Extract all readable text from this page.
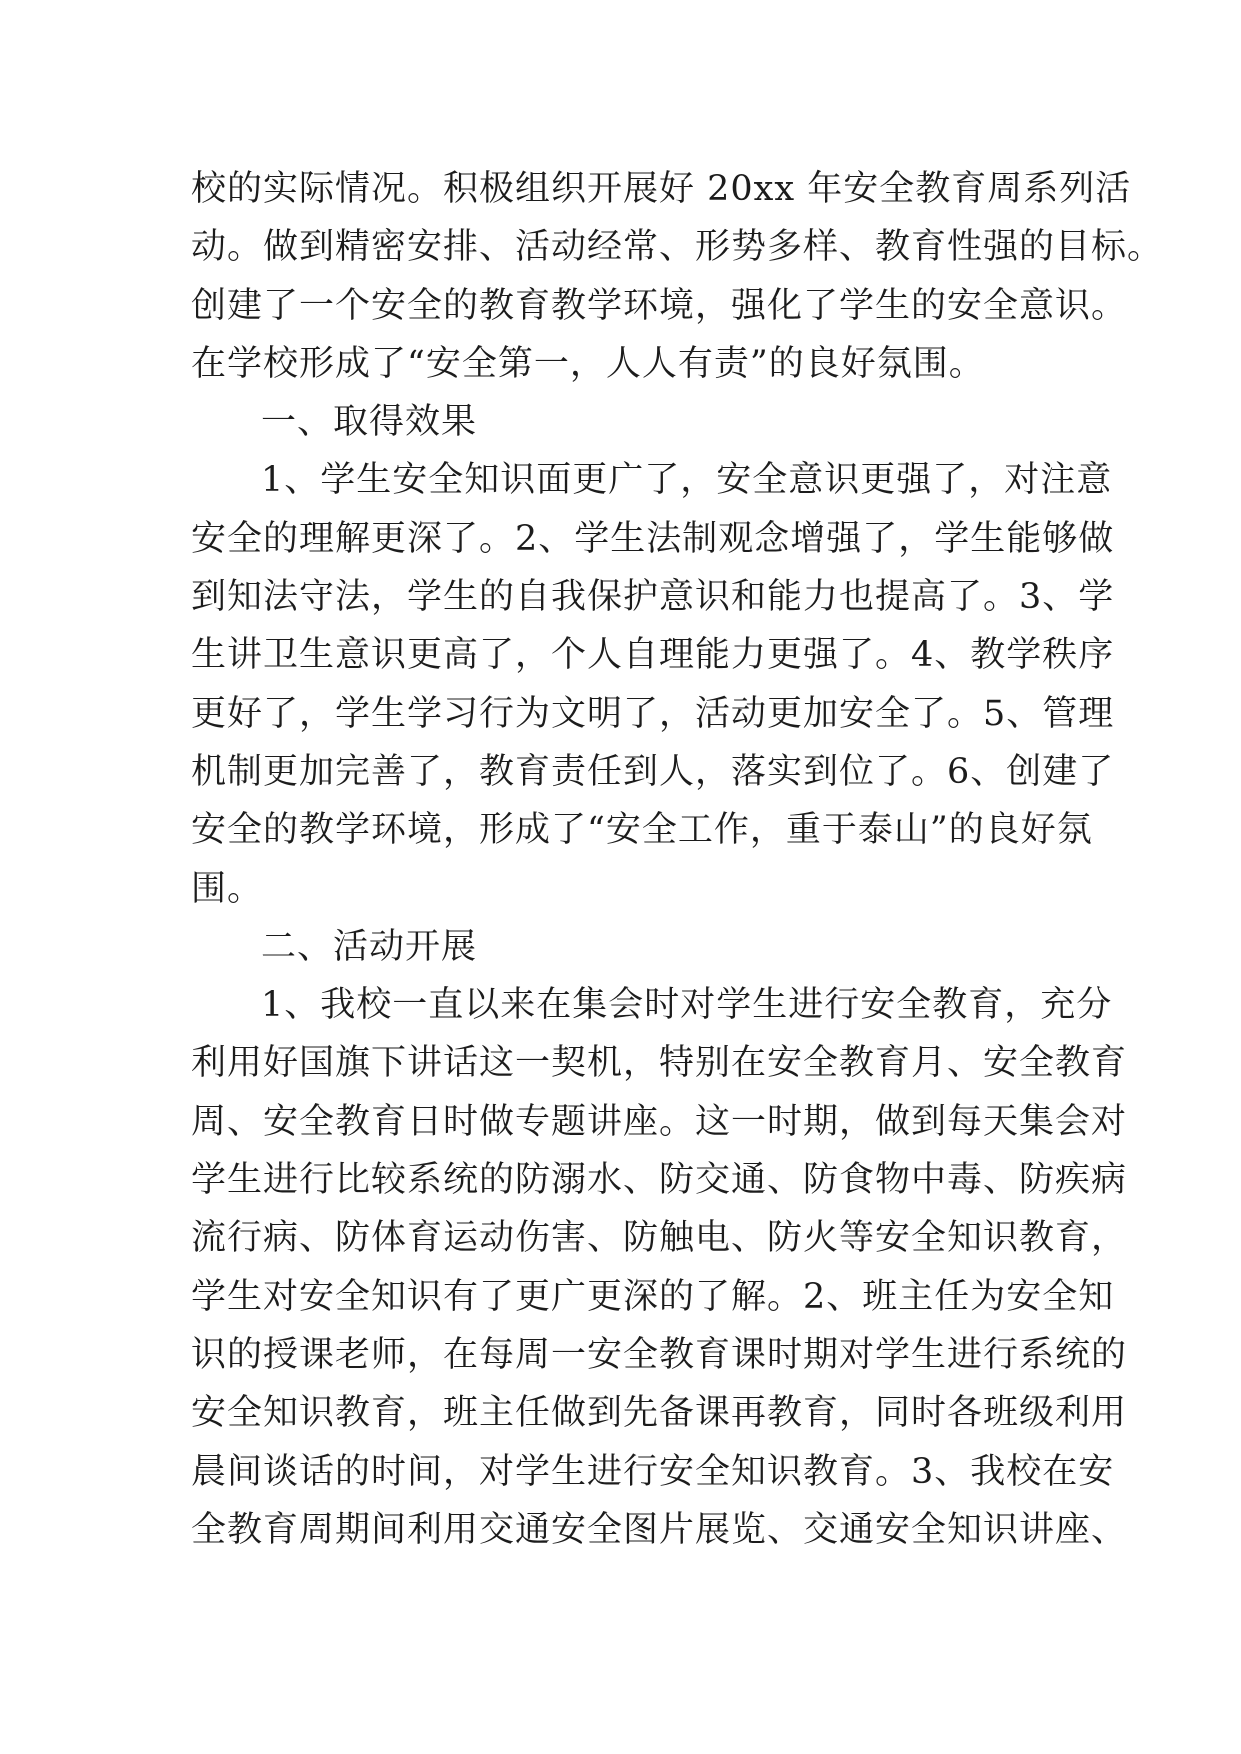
校的实际情况。积极组织开展好 20xx 年安全教育周系列活
动。做到精密安排、活动经常、形势多样、教育性强的目标。
创建了一个安全的教育教学环境，强化了学生的安全意识。
在学校形成了“安全第一，人人有责”的良好氛围。
一、取得效果
1、学生安全知识面更广了，安全意识更强了，对注意
安全的理解更深了。2、学生法制观念增强了，学生能够做
到知法守法，学生的自我保护意识和能力也提高了。3、学
生讲卫生意识更高了，个人自理能力更强了。4、教学秩序
更好了，学生学习行为文明了，活动更加安全了。5、管理
机制更加完善了，教育责任到人，落实到位了。6、创建了
安全的教学环境，形成了“安全工作，重于泰山”的良好氛
围。
二、活动开展
1、我校一直以来在集会时对学生进行安全教育，充分
利用好国旗下讲话这一契机，特别在安全教育月、安全教育
周、安全教育日时做专题讲座。这一时期，做到每天集会对
学生进行比较系统的防溺水、防交通、防食物中毒、防疾病
流行病、防体育运动伤害、防触电、防火等安全知识教育，
学生对安全知识有了更广更深的了解。2、班主任为安全知
识的授课老师，在每周一安全教育课时期对学生进行系统的
安全知识教育，班主任做到先备课再教育，同时各班级利用
晨间谈话的时间，对学生进行安全知识教育。3、我校在安
全教育周期间利用交通安全图片展览、交通安全知识讲座、
